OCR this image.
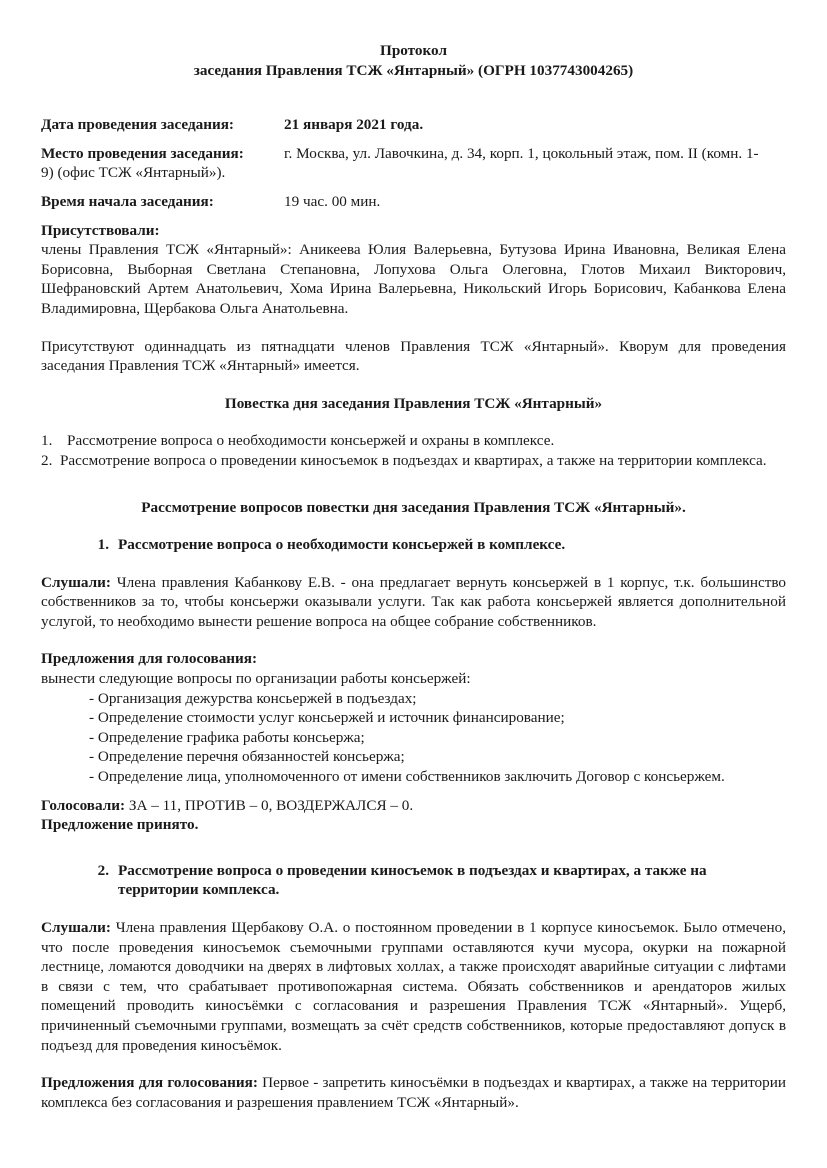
Протокол

заседания Правления ТСЖ «Янтарный» (ОГРН 1037743004265)

Дата проведения заседания:	21 января 2021 года.
Место проведения заседания:	г. Москва, ул. Лавочкина, д. 34, корп. 1, цокольный этаж, пом. II (комн. 1-

9) (офис ТСЖ «Янтарный»).

Время начала заседания:	19 час. 00 мин.

Присутствовали:

члены Правления ТСЖ «Янтарный»: Аникеева Юлия Валерьевна, Бутузова Ирина Ивановна, Великая Елена Борисовна, Выборная Светлана Степановна, Лопухова Ольга Олеговна, Глотов Михаил Викторович, Шефрановский Артем Анатольевич, Хома Ирина Валерьевна, Никольский Игорь Борисович, Кабанкова Елена Владимировна, Щербакова Ольга Анатольевна.

Присутствуют одиннадцать из пятнадцати членов Правления ТСЖ «Янтарный». Кворум для проведения заседания Правления ТСЖ «Янтарный» имеется.

Повестка дня заседания Правления ТСЖ «Янтарный»

1. Рассмотрение вопроса о необходимости консьержей и охраны в комплексе.

2. Рассмотрение вопроса о проведении киносъемок в подъездах и квартирах, а также на территории комплекса.

Рассмотрение вопросов повестки дня заседания Правления ТСЖ «Янтарный».

1. Рассмотрение вопроса о необходимости консьержей в комплексе.

Слушали: Члена правления Кабанкову Е.В. - она предлагает вернуть консьержей в 1 корпус, т.к. большинство собственников за то, чтобы консьержи оказывали услуги. Так как работа консьержей является дополнительной услугой, то необходимо вынести решение вопроса на общее собрание собственников.

Предложения для голосования:

вынести следующие вопросы по организации работы консьержей:

- Организация дежурства консьержей в подъездах;

- Определение стоимости услуг консьержей и источник финансирование;

- Определение графика работы консьержа;

- Определение перечня обязанностей консьержа;

- Определение лица, уполномоченного от имени собственников заключить Договор с консьержем.

Голосовали: ЗА – 11, ПРОТИВ – 0, ВОЗДЕРЖАЛСЯ – 0.

Предложение принято.

2. Рассмотрение вопроса о проведении киносъемок в подъездах и квартирах, а также на территории комплекса.

Слушали: Члена правления Щербакову О.А. о постоянном проведении в 1 корпусе киносъемок. Было отмечено, что после проведения киносъемок съемочными группами оставляются кучи мусора, окурки на пожарной лестнице, ломаются доводчики на дверях в лифтовых холлах, а также происходят аварийные ситуации с лифтами в связи с тем, что срабатывает противопожарная система. Обязать собственников и арендаторов жилых помещений проводить киносъёмки с согласования и разрешения Правления ТСЖ «Янтарный». Ущерб, причиненный съемочными группами, возмещать за счёт средств собственников, которые предоставляют допуск в подъезд для проведения киносъёмок.

Предложения для голосования: Первое - запретить киносъёмки в подъездах и квартирах, а также на территории комплекса без согласования и разрешения правлением ТСЖ «Янтарный».
